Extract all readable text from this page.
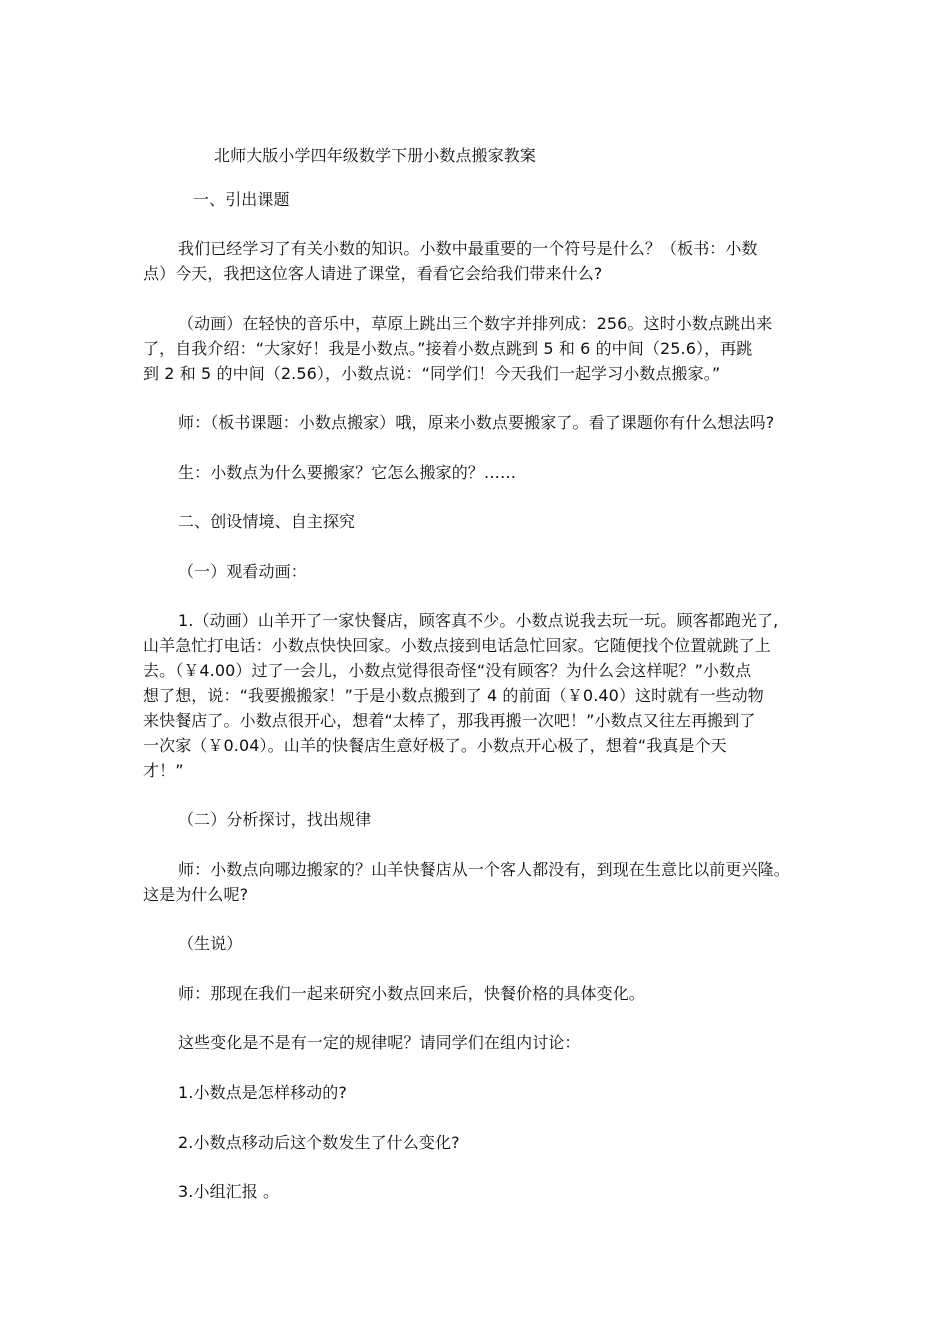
北师大版小学四年级数学下册小数点搬家教案
一、引出课题
我们已经学习了有关小数的知识。小数中最重要的一个符号是什么？（板书：小数
点）今天，我把这位客人请进了课堂，看看它会给我们带来什么?
（动画）在轻快的音乐中，草原上跳出三个数字并排列成：256。这时小数点跳出来
了，自我介绍：“大家好！我是小数点。”接着小数点跳到 5 和 6 的中间（25.6），再跳
到 2 和 5 的中间（2.56），小数点说：“同学们！今天我们一起学习小数点搬家。”
师：（板书课题：小数点搬家）哦，原来小数点要搬家了。看了课题你有什么想法吗?
生：小数点为什么要搬家？它怎么搬家的？……
二、创设情境、自主探究
（一）观看动画：
1.（动画）山羊开了一家快餐店，顾客真不少。小数点说我去玩一玩。顾客都跑光了,
山羊急忙打电话：小数点快快回家。小数点接到电话急忙回家。它随便找个位置就跳了上
去。（￥4.00）过了一会儿，小数点觉得很奇怪“没有顾客？为什么会这样呢？”小数点
想了想，说：“我要搬搬家！”于是小数点搬到了 4 的前面（￥0.40）这时就有一些动物
来快餐店了。小数点很开心，想着“太棒了，那我再搬一次吧！”小数点又往左再搬到了
一次家（￥0.04）。山羊的快餐店生意好极了。小数点开心极了，想着“我真是个天
才！”
（二）分析探讨，找出规律
师：小数点向哪边搬家的？山羊快餐店从一个客人都没有，到现在生意比以前更兴隆。
这是为什么呢?
（生说）
师：那现在我们一起来研究小数点回来后，快餐价格的具体变化。
这些变化是不是有一定的规律呢？请同学们在组内讨论：
1.小数点是怎样移动的?
2.小数点移动后这个数发生了什么变化?
3.小组汇报 。
